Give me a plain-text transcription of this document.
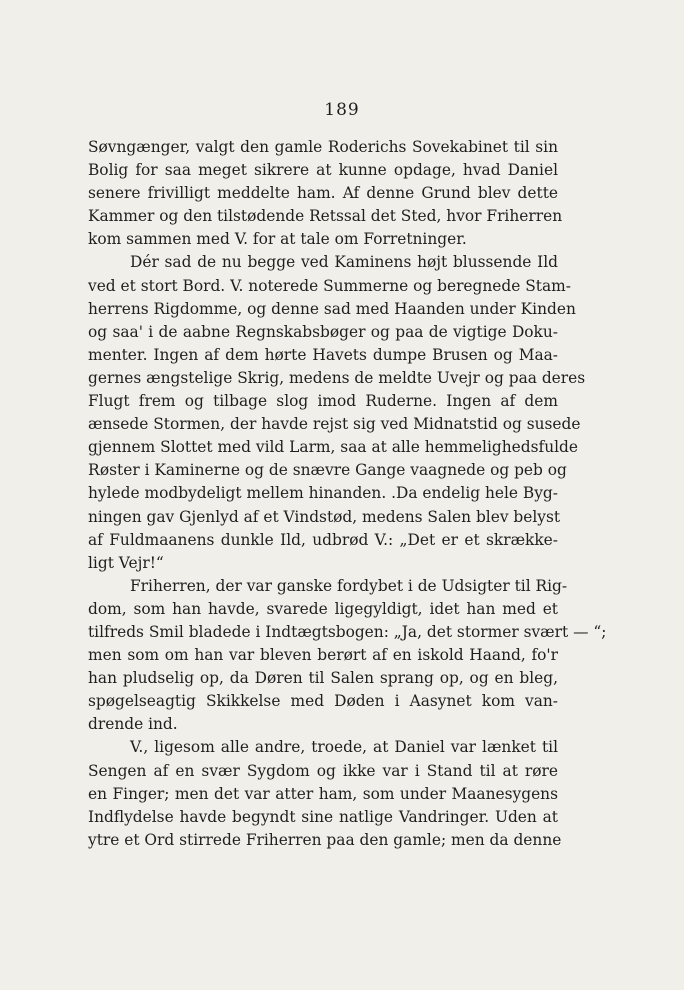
189
Søvngænger, valgt den gamle Roderichs Sovekabinet til sin
Bolig for saa meget sikrere at kunne opdage, hvad Daniel
senere frivilligt meddelte ham. Af denne Grund blev dette
Kammer og den tilstødende Retssal det Sted, hvor Friherren
kom sammen med V. for at tale om Forretninger.
Dér sad de nu begge ved Kaminens højt blussende Ild
ved et stort Bord. V. noterede Summerne og beregnede Stam-
herrens Rigdomme, og denne sad med Haanden under Kinden
og saa' i de aabne Regnskabsbøger og paa de vigtige Doku-
menter. Ingen af dem hørte Havets dumpe Brusen og Maa-
gernes ængstelige Skrig, medens de meldte Uvejr og paa deres
Flugt frem og tilbage slog imod Ruderne. Ingen af dem
ænsede Stormen, der havde rejst sig ved Midnatstid og susede
gjennem Slottet med vild Larm, saa at alle hemmelighedsfulde
Røster i Kaminerne og de snævre Gange vaagnede og peb og
hylede modbydeligt mellem hinanden. .Da endelig hele Byg-
ningen gav Gjenlyd af et Vindstød, medens Salen blev belyst
af Fuldmaanens dunkle Ild, udbrød V.: „Det er et skrække-
ligt Vejr!“
Friherren, der var ganske fordybet i de Udsigter til Rig-
dom, som han havde, svarede ligegyldigt, idet han med et
tilfreds Smil bladede i Indtægtsbogen: „Ja, det stormer svært — “;
men som om han var bleven berørt af en iskold Haand, fo'r
han pludselig op, da Døren til Salen sprang op, og en bleg,
spøgelseagtig Skikkelse med Døden i Aasynet kom van-
drende ind.
V., ligesom alle andre, troede, at Daniel var lænket til
Sengen af en svær Sygdom og ikke var i Stand til at røre
en Finger; men det var atter ham, som under Maanesygens
Indflydelse havde begyndt sine natlige Vandringer. Uden at
ytre et Ord stirrede Friherren paa den gamle; men da denne
